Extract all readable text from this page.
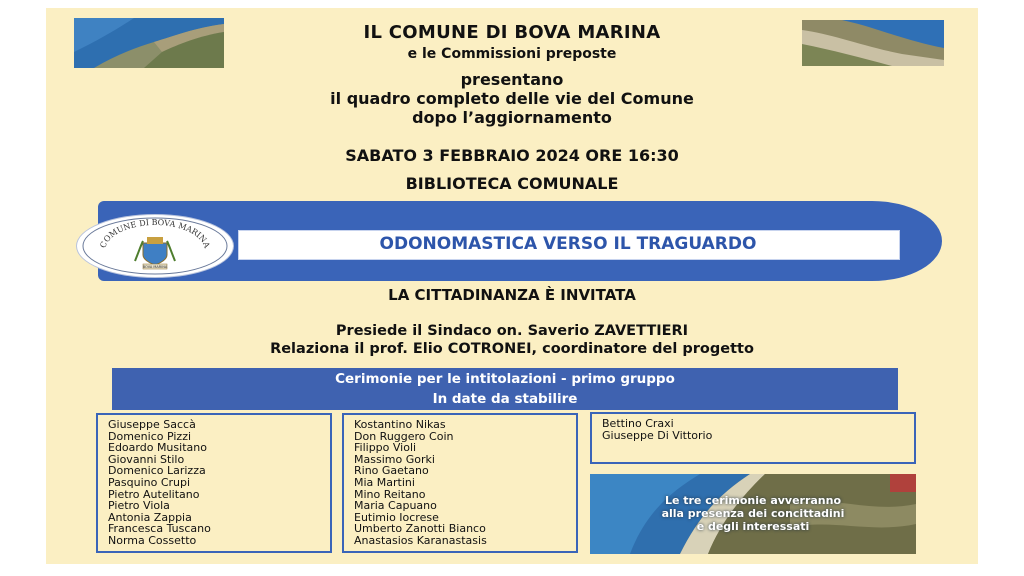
IL COMUNE DI BOVA MARINA
e le Commissioni preposte
presentano
il quadro completo delle vie del Comune
dopo l’aggiornamento
SABATO 3 FEBBRAIO 2024 ORE 16:30
BIBLIOTECA COMUNALE
ODONOMASTICA VERSO IL TRAGUARDO
COMUNE DI BOVA MARINA
BOVA MARINA
LA CITTADINANZA È INVITATA
Presiede il Sindaco on. Saverio ZAVETTIERI
Relaziona il prof. Elio COTRONEI, coordinatore del progetto
Cerimonie per le intitolazioni - primo gruppo
In date da stabilire
Giuseppe Saccà
Domenico Pizzi
Edoardo Musitano
Giovanni Stilo
Domenico Larizza
Pasquino Crupi
Pietro Autelitano
Pietro Viola
Antonia Zappia
Francesca Tuscano
Norma Cossetto
Kostantino Nikas
Don Ruggero Coin
Filippo Violi
Massimo Gorki
Rino Gaetano
Mia Martini
Mino Reitano
Maria Capuano
Eutimio Iocrese
Umberto Zanotti Bianco
Anastasios Karanastasis
Bettino Craxi
Giuseppe Di Vittorio
Le tre cerimonie avverranno
alla presenza dei concittadini
e degli interessati
